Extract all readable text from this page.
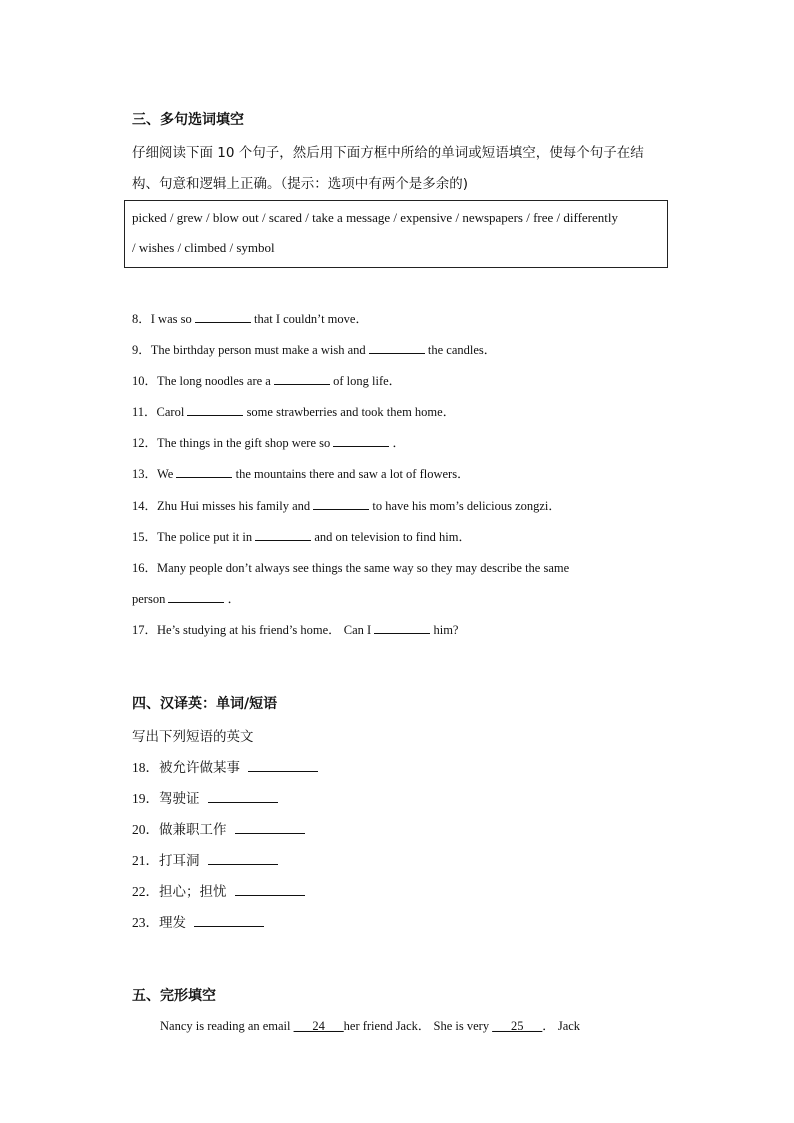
三、多句选词填空
仔细阅读下面 10 个句子，然后用下面方框中所给的单词或短语填空，使每个句子在结
构、句意和逻辑上正确。（提示：选项中有两个是多余的)
picked / grew / blow out / scared / take a message / expensive / newspapers / free / differently
/ wishes / climbed / symbol
8．I was so	that I couldn’t move．
9．The birthday person must make a wish and	the candles．
10．The long noodles are a	of long life．
11．Carol	some strawberries and took them home．
12．The things in the gift shop were so	．
13．We	the mountains there and saw a lot of flowers．
14．Zhu Hui misses his family and	to have his mom’s delicious zongzi．
15．The police put it in	and on television to find him．
16．Many people don’t always see things the same way so they may describe the same
person	．
17．He’s studying at his friend’s home． Can I	him?
四、汉译英：单词/短语
写出下列短语的英文
18．被允许做某事
19．驾驶证
20．做兼职工作
21．打耳洞
22．担心；担忧
23．理发
五、完形填空
Nancy is reading an email ___24___her friend Jack． She is very ___25___． Jack
